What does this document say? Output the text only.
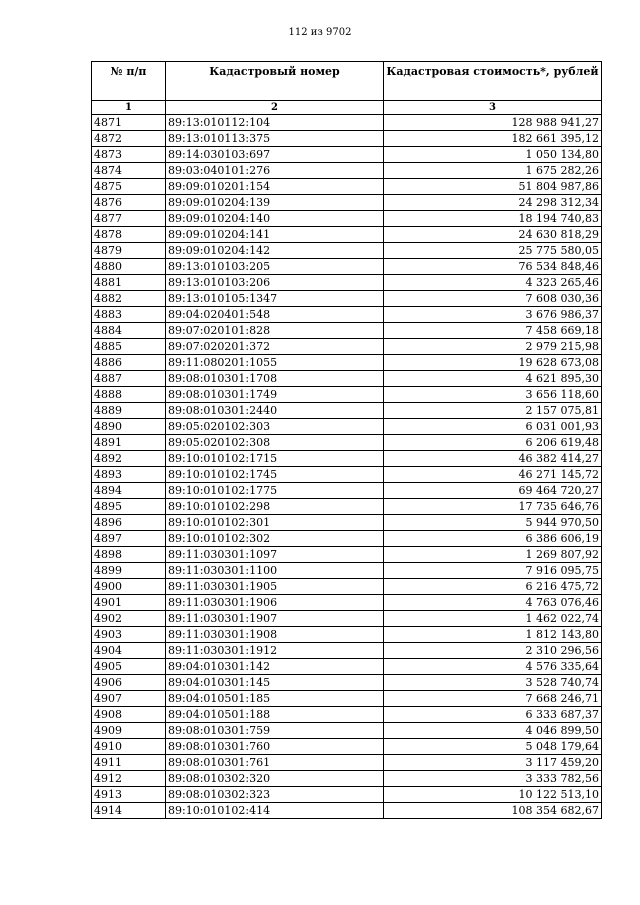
112 из 9702
№ п/п	Кадастровый номер	Кадастровая стоимость*, рублей
1	2	3
4871	89:13:010112:104	128 988 941,27
4872	89:13:010113:375	182 661 395,12
4873	89:14:030103:697	1 050 134,80
4874	89:03:040101:276	1 675 282,26
4875	89:09:010201:154	51 804 987,86
4876	89:09:010204:139	24 298 312,34
4877	89:09:010204:140	18 194 740,83
4878	89:09:010204:141	24 630 818,29
4879	89:09:010204:142	25 775 580,05
4880	89:13:010103:205	76 534 848,46
4881	89:13:010103:206	4 323 265,46
4882	89:13:010105:1347	7 608 030,36
4883	89:04:020401:548	3 676 986,37
4884	89:07:020101:828	7 458 669,18
4885	89:07:020201:372	2 979 215,98
4886	89:11:080201:1055	19 628 673,08
4887	89:08:010301:1708	4 621 895,30
4888	89:08:010301:1749	3 656 118,60
4889	89:08:010301:2440	2 157 075,81
4890	89:05:020102:303	6 031 001,93
4891	89:05:020102:308	6 206 619,48
4892	89:10:010102:1715	46 382 414,27
4893	89:10:010102:1745	46 271 145,72
4894	89:10:010102:1775	69 464 720,27
4895	89:10:010102:298	17 735 646,76
4896	89:10:010102:301	5 944 970,50
4897	89:10:010102:302	6 386 606,19
4898	89:11:030301:1097	1 269 807,92
4899	89:11:030301:1100	7 916 095,75
4900	89:11:030301:1905	6 216 475,72
4901	89:11:030301:1906	4 763 076,46
4902	89:11:030301:1907	1 462 022,74
4903	89:11:030301:1908	1 812 143,80
4904	89:11:030301:1912	2 310 296,56
4905	89:04:010301:142	4 576 335,64
4906	89:04:010301:145	3 528 740,74
4907	89:04:010501:185	7 668 246,71
4908	89:04:010501:188	6 333 687,37
4909	89:08:010301:759	4 046 899,50
4910	89:08:010301:760	5 048 179,64
4911	89:08:010301:761	3 117 459,20
4912	89:08:010302:320	3 333 782,56
4913	89:08:010302:323	10 122 513,10
4914	89:10:010102:414	108 354 682,67
